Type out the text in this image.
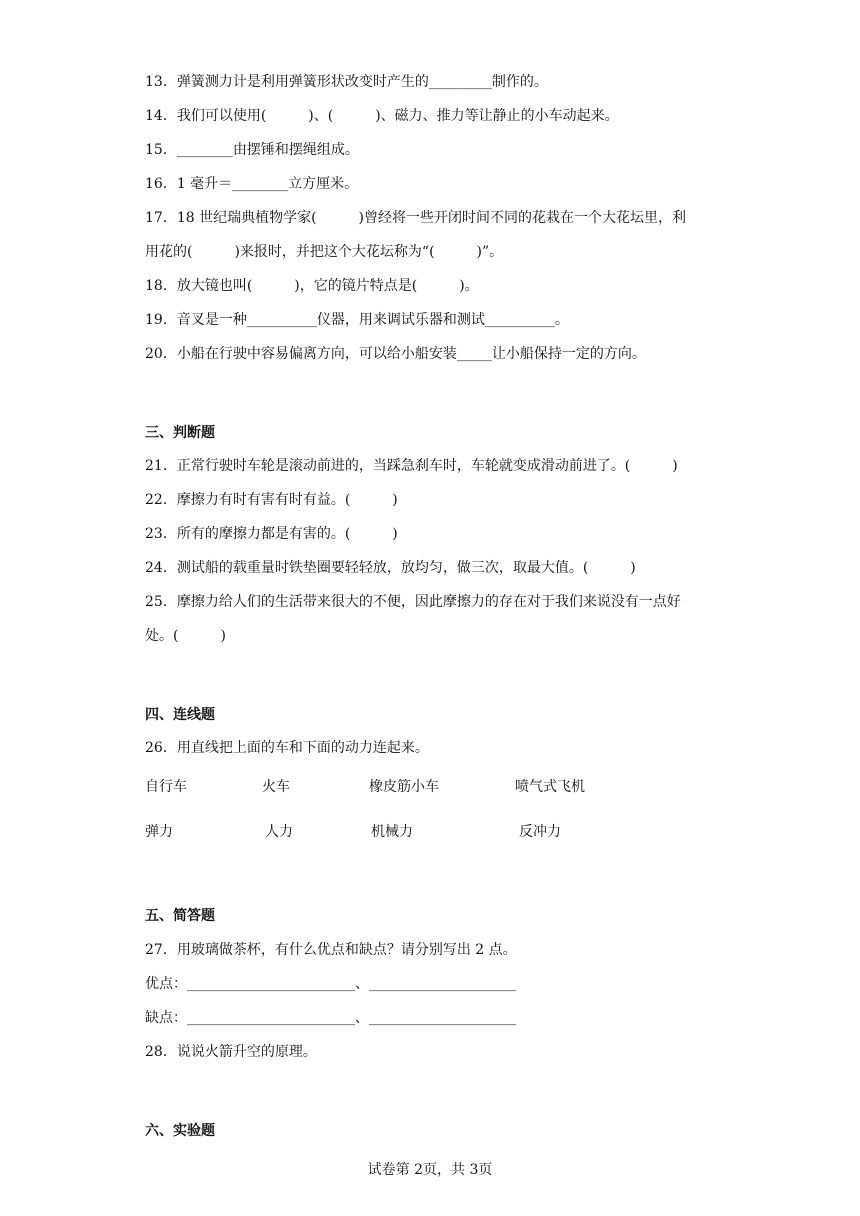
13．弹簧测力计是利用弹簧形状改变时产生的_________制作的。
14．我们可以使用(　　　)、(　　　)、磁力、推力等让静止的小车动起来。
15．________由摆锤和摆绳组成。
16．1 毫升＝________立方厘米。
17．18 世纪瑞典植物学家(　　　)曾经将一些开闭时间不同的花栽在一个大花坛里，利
用花的(　　　)来报时，并把这个大花坛称为“(　　　)”。
18．放大镜也叫(　　　)，它的镜片特点是(　　　)。
19．音叉是一种__________仪器，用来调试乐器和测试__________。
20．小船在行驶中容易偏离方向，可以给小船安装_____让小船保持一定的方向。
三、判断题
21．正常行驶时车轮是滚动前进的，当踩急刹车时，车轮就变成滑动前进了。(　　　)
22．摩擦力有时有害有时有益。(　　　)
23．所有的摩擦力都是有害的。(　　　)
24．测试船的载重量时铁垫圈要轻轻放，放均匀，做三次，取最大值。(　　　)
25．摩擦力给人们的生活带来很大的不便，因此摩擦力的存在对于我们来说没有一点好
处。(　　　)
四、连线题
26．用直线把上面的车和下面的动力连起来。
自行车	火车	橡皮筋小车	喷气式飞机
弹力	人力	机械力	反冲力
五、简答题
27．用玻璃做茶杯，有什么优点和缺点？请分别写出 2 点。
优点：________________________、_____________________
缺点：________________________、_____________________
28．说说火箭升空的原理。
六、实验题
试卷第 2页，共 3页
